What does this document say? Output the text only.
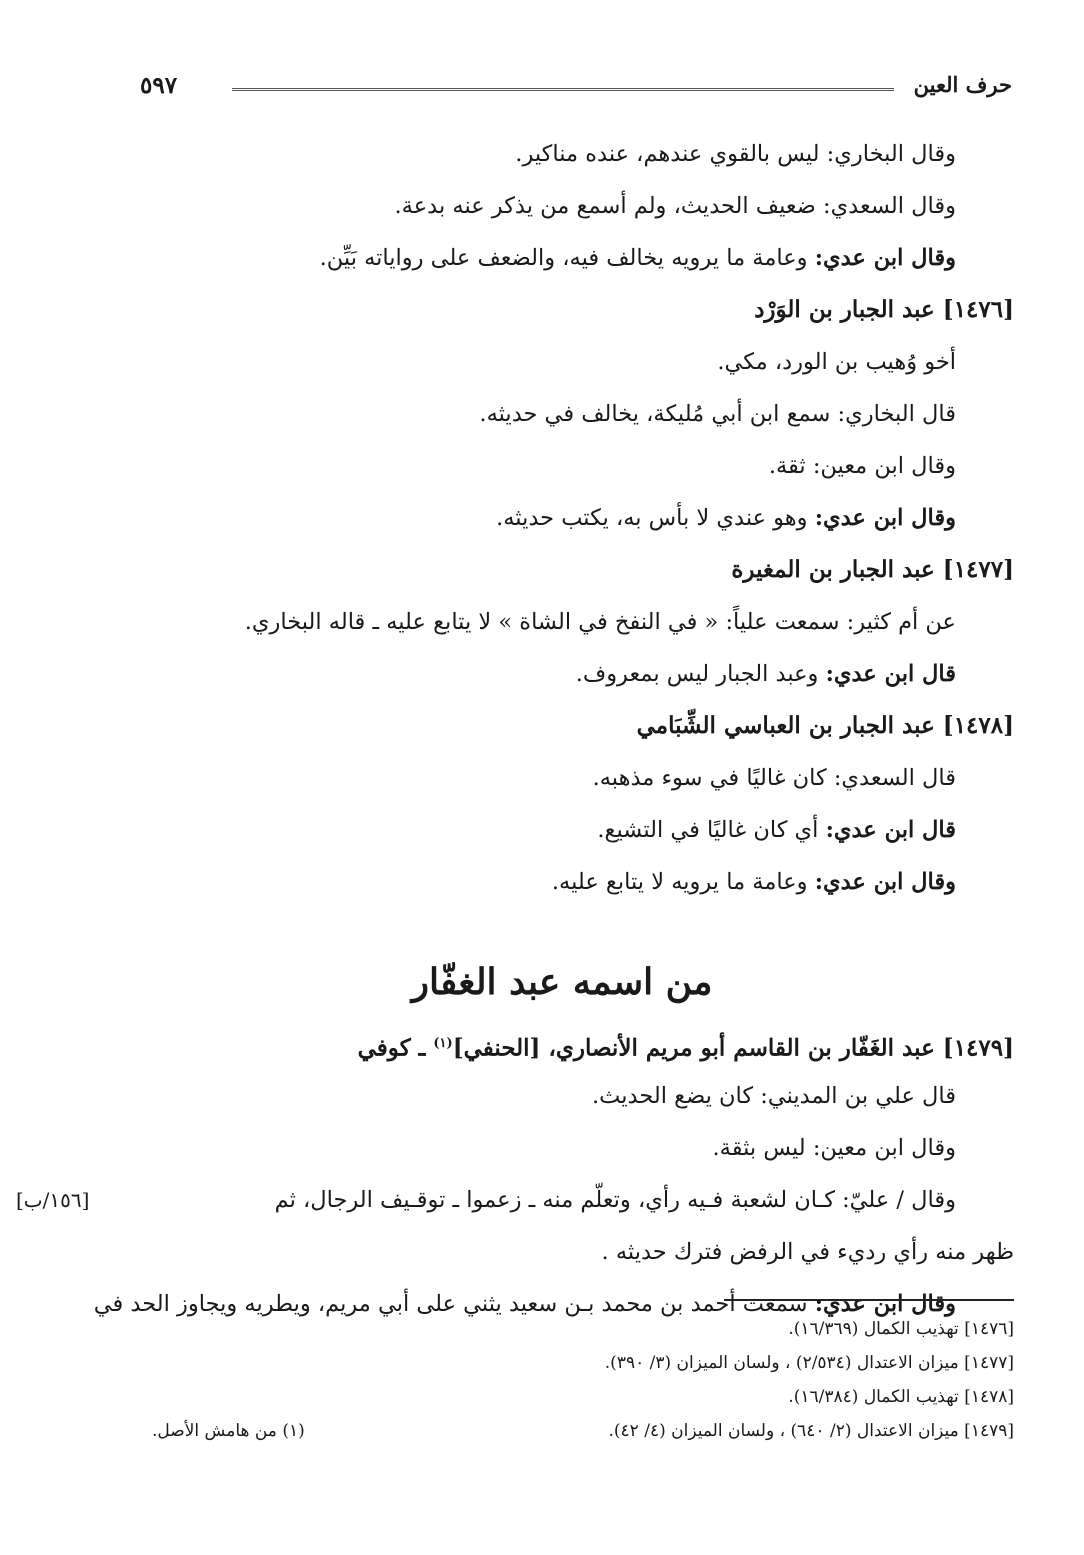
حرف العين
٥٩٧
وقال البخاري: ليس بالقوي عندهم، عنده مناكير.
وقال السعدي: ضعيف الحديث، ولم أسمع من يذكر عنه بدعة.
وقال ابن عدي: وعامة ما يرويه يخالف فيه، والضعف على رواياته بَيِّن.
[١٤٧٦] عبد الجبار بن الوَرْد
أخو وُهيب بن الورد، مكي.
قال البخاري: سمع ابن أبي مُليكة، يخالف في حديثه.
وقال ابن معين: ثقة.
وقال ابن عدي: وهو عندي لا بأس به، يكتب حديثه.
[١٤٧٧] عبد الجبار بن المغيرة
عن أم كثير: سمعت علياً: « في النفخ في الشاة » لا يتابع عليه ـ قاله البخاري.
قال ابن عدي: وعبد الجبار ليس بمعروف.
[١٤٧٨] عبد الجبار بن العباسي الشِّبَامي
قال السعدي: كان غاليًا في سوء مذهبه.
قال ابن عدي: أي كان غاليًا في التشيع.
وقال ابن عدي: وعامة ما يرويه لا يتابع عليه.
من اسمه عبد الغفّار
[١٤٧٩] عبد الغَفّار بن القاسم أبو مريم الأنصاري، [الحنفي]$^{(١)}$ ـ كوفي
قال علي بن المديني: كان يضع الحديث.
وقال ابن معين: ليس بثقة.
وقال / عليّ: كـان لشعبة فـيه رأي، وتعلّم منه ـ زعموا ـ توقـيف الرجال، ثم
[١٥٦/ب]
ظهر منه رأي رديء في الرفض فترك حديثه .
وقال ابن عدي: سمعت أحمد بن محمد بـن سعيد يثني على أبي مريم، ويطريه ويجاوز الحد في
[١٤٧٦] تهذيب الكمال (١٦/٣٦٩).
[١٤٧٧] ميزان الاعتدال (٢/٥٣٤) ، ولسان الميزان (٣/ ٣٩٠).
[١٤٧٨] تهذيب الكمال (١٦/٣٨٤).
[١٤٧٩] ميزان الاعتدال (٢/ ٦٤٠) ، ولسان الميزان (٤/ ٤٢).
(١) من هامش الأصل.
